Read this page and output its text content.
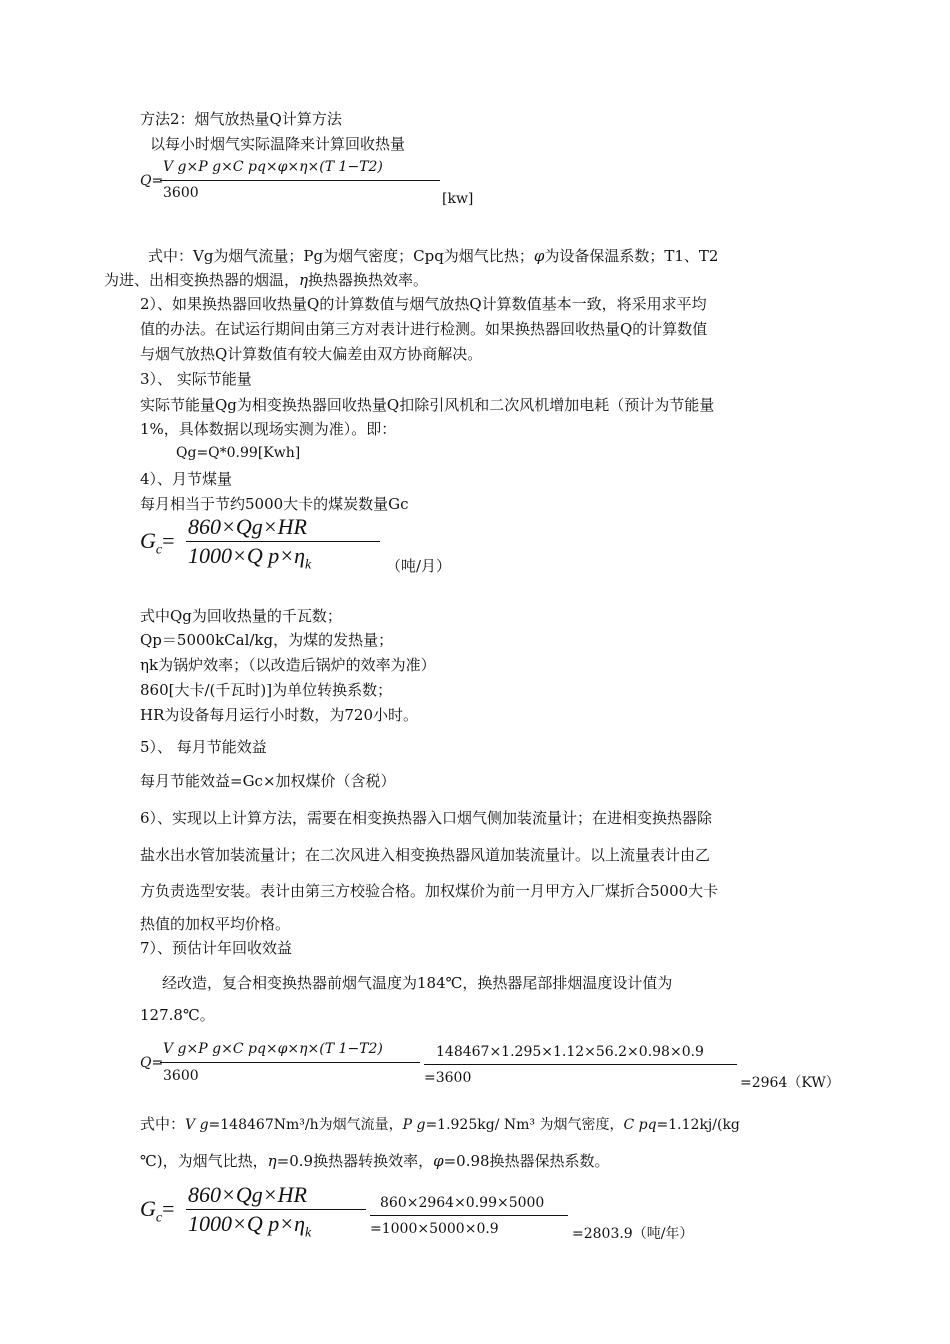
方法2：烟气放热量Q计算方法
以每小时烟气实际温降来计算回收热量
Q=
V g×P g×C pq×φ×η×(T 1−T2)
3600	[kw]
式中：Vg为烟气流量；Pg为烟气密度；Cpq为烟气比热；φ为设备保温系数；T1、T2
为进、出相变换热器的烟温，η换热器换热效率。
2）、如果换热器回收热量Q的计算数值与烟气放热Q计算数值基本一致，将采用求平均
值的办法。在试运行期间由第三方对表计进行检测。如果换热器回收热量Q的计算数值
与烟气放热Q计算数值有较大偏差由双方协商解决。
3）、 实际节能量
实际节能量Qg为相变换热器回收热量Q扣除引风机和二次风机增加电耗（预计为节能量
1%，具体数据以现场实测为准）。即：
Qg=Q*0.99[Kwh]
4）、月节煤量
每月相当于节约5000大卡的煤炭数量Gc
$G_c=$
860×Qg×HR
1000×Q $p\times\eta_k$	（吨/月）
式中Qg为回收热量的千瓦数；
Qp＝5000kCal/kg，为煤的发热量；
ηk为锅炉效率；（以改造后锅炉的效率为准）
860[大卡/(千瓦时)]为单位转换系数；
HR为设备每月运行小时数，为720小时。
5）、 每月节能效益
每月节能效益=Gc×加权煤价（含税）
6）、实现以上计算方法，需要在相变换热器入口烟气侧加装流量计；在进相变换热器除
盐水出水管加装流量计；在二次风进入相变换热器风道加装流量计。以上流量表计由乙
方负责选型安装。表计由第三方校验合格。加权煤价为前一月甲方入厂煤折合5000大卡
热值的加权平均价格。
7）、预估计年回收效益
经改造，复合相变换热器前烟气温度为184℃，换热器尾部排烟温度设计值为
127.8℃。
Q=
V g×P g×C pq×φ×η×(T 1−T2)
3600
148467×1.295×1.12×56.2×0.98×0.9
=3600	=2964（KW）
式中：V g=148467Nm³/h为烟气流量，P g=1.925kg/ Nm³ 为烟气密度，C pq=1.12kj/(kg
℃)，为烟气比热，η=0.9换热器转换效率，φ=0.98换热器保热系数。
$G_c=$
860×Qg×HR
1000×Q $p\times\eta_k$
860×2964×0.99×5000
=1000×5000×0.9	=2803.9（吨/年）
